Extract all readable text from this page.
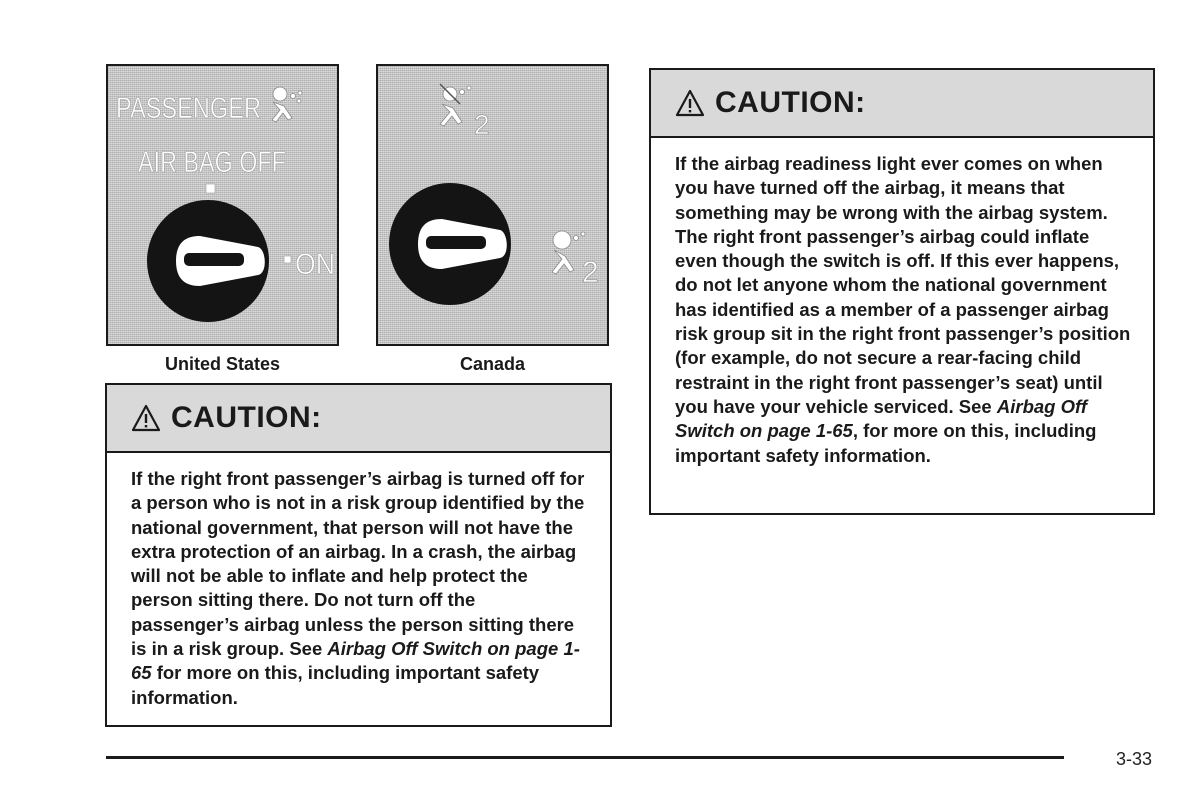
PASSENGER
AIR BAG OFF
ON
2
2
United States	Canada
CAUTION:
If the right front passenger’s airbag is turned off for a person who is not in a risk group identified by the national government, that person will not have the extra protection of an airbag. In a crash, the airbag will not be able to inflate and help protect the person sitting there. Do not turn off the passenger’s airbag unless the person sitting there is in a risk group. See Airbag Off Switch on page 1-65 for more on this, including important safety information.
CAUTION:
If the airbag readiness light ever comes on when you have turned off the airbag, it means that something may be wrong with the airbag system. The right front passenger’s airbag could inflate even though the switch is off. If this ever happens, do not let anyone whom the national government has identified as a member of a passenger airbag risk group sit in the right front passenger’s position (for example, do not secure a rear-facing child restraint in the right front passenger’s seat) until you have your vehicle serviced. See Airbag Off Switch on page 1-65, for more on this, including important safety information.
3-33
